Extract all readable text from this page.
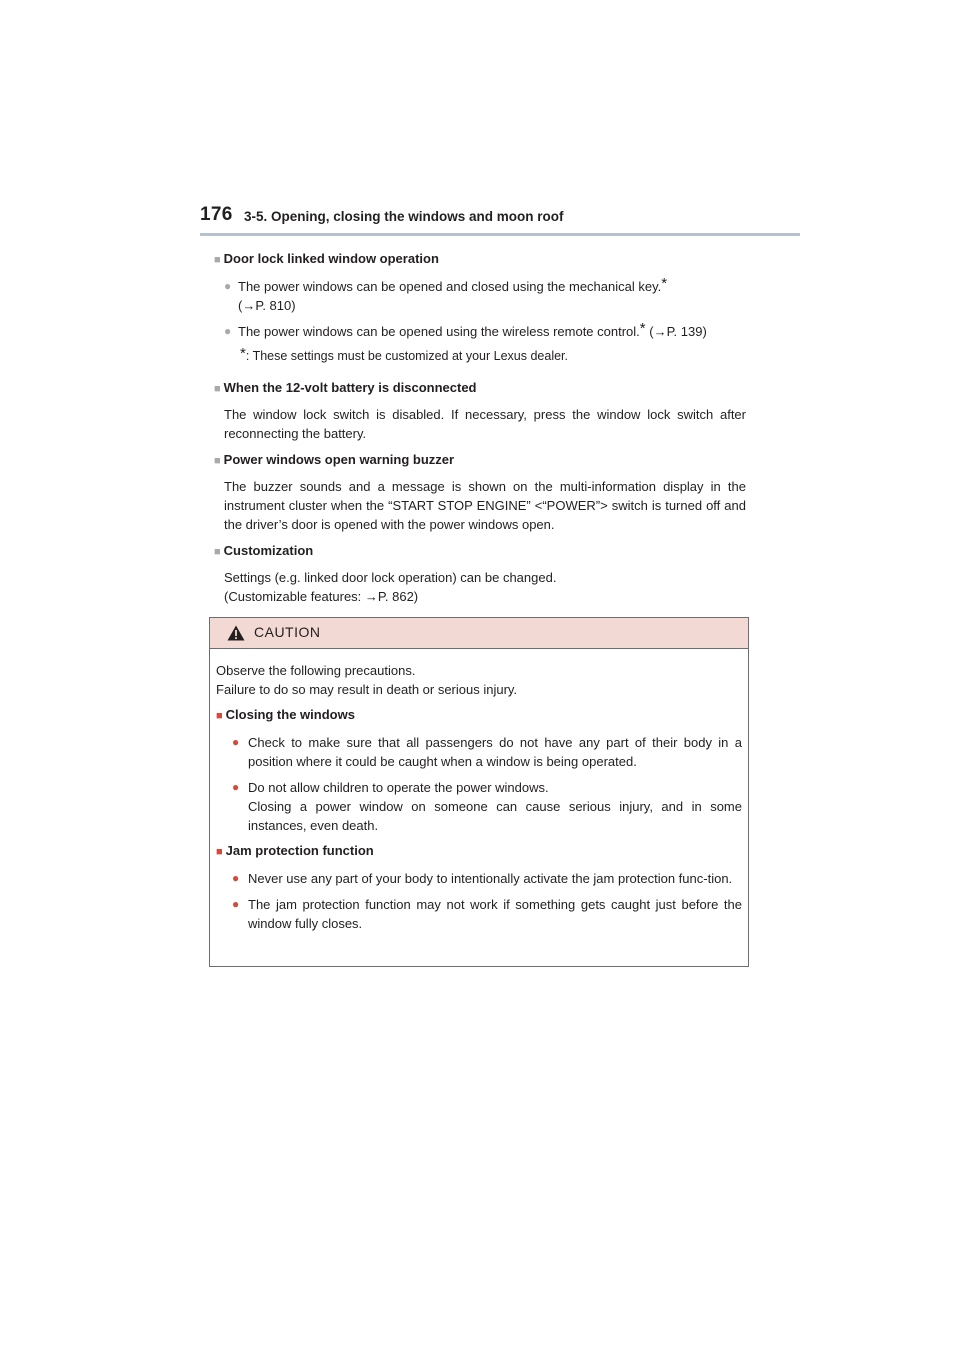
176 3-5. Opening, closing the windows and moon roof
■ Door lock linked window operation
● The power windows can be opened and closed using the mechanical key.*
(→P. 810)
● The power windows can be opened using the wireless remote control.* (→P. 139)
*: These settings must be customized at your Lexus dealer.
■ When the 12-volt battery is disconnected
The window lock switch is disabled. If necessary, press the window lock switch after reconnecting the battery.
■ Power windows open warning buzzer
The buzzer sounds and a message is shown on the multi-information display in the instrument cluster when the “START STOP ENGINE” <“POWER”> switch is turned off and the driver’s door is opened with the power windows open.
■ Customization
Settings (e.g. linked door lock operation) can be changed.
(Customizable features: →P. 862)
CAUTION
Observe the following precautions.
Failure to do so may result in death or serious injury.
■ Closing the windows
● Check to make sure that all passengers do not have any part of their body in a position where it could be caught when a window is being operated.
● Do not allow children to operate the power windows.
Closing a power window on someone can cause serious injury, and in some instances, even death.
■ Jam protection function
● Never use any part of your body to intentionally activate the jam protection func-tion.
● The jam protection function may not work if something gets caught just before the window fully closes.
